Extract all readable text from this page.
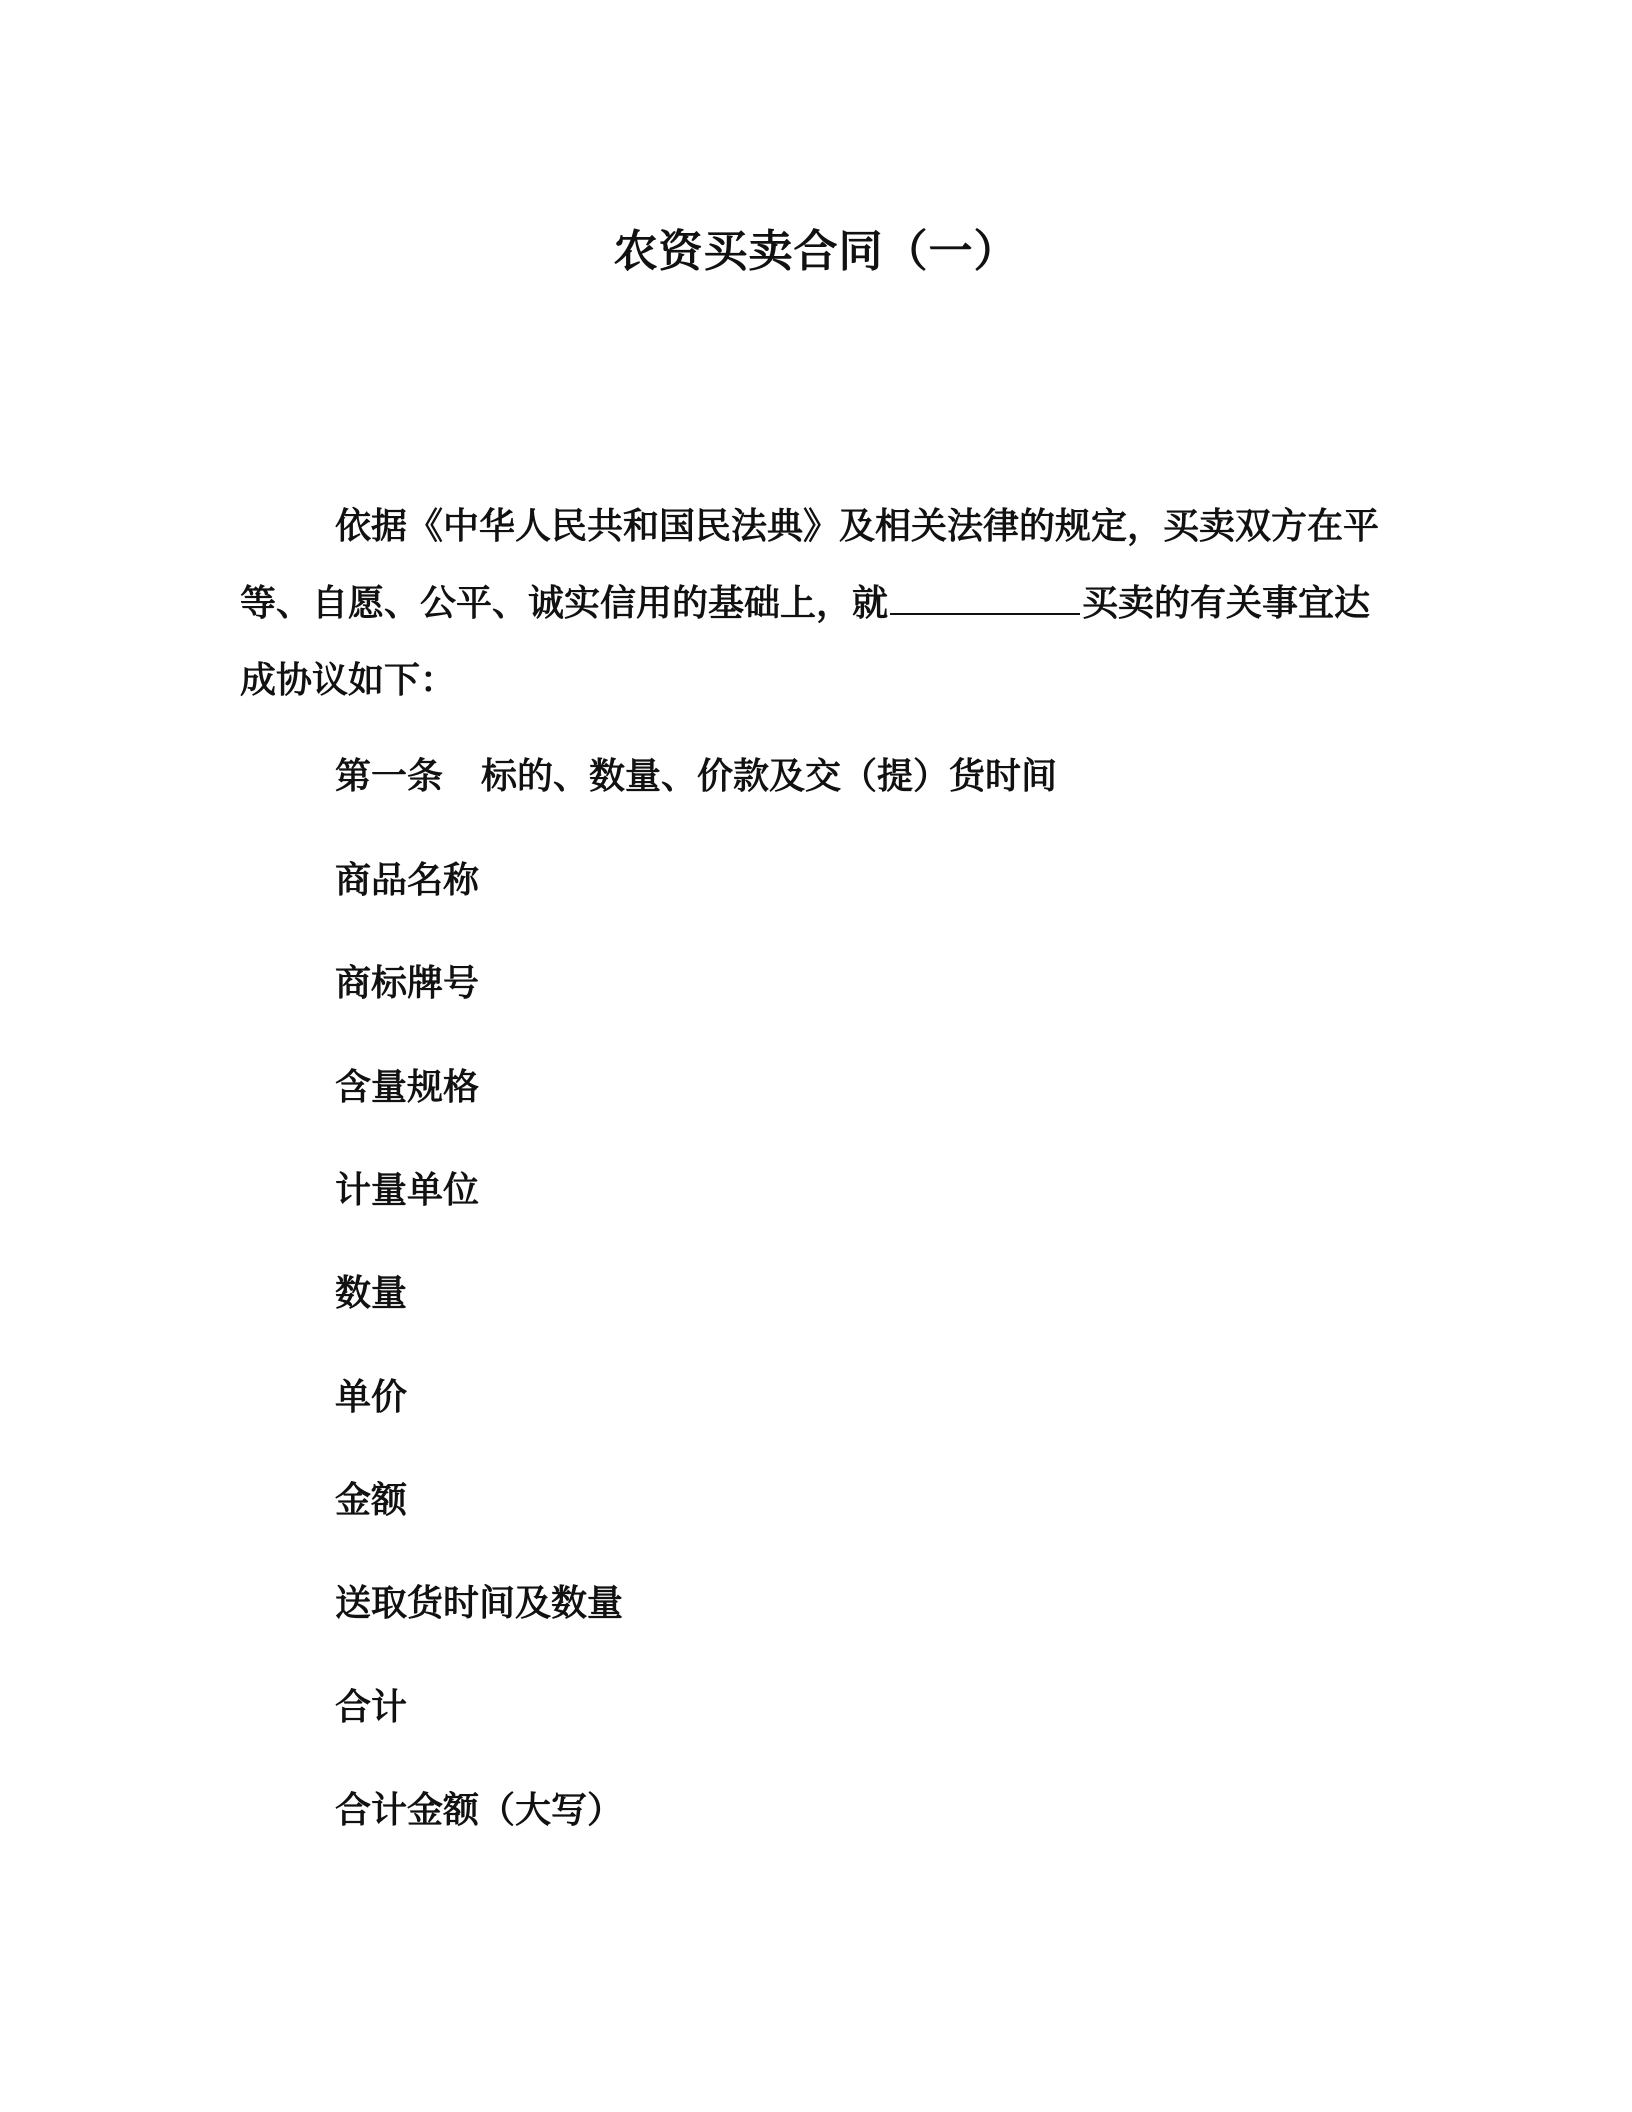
农资买卖合同（一）

依据《中华人民共和国民法典》及相关法律的规定，买卖双方在平等、自愿、公平、诚实信用的基础上，就	买卖的有关事宜达成协议如下：

第一条 标的、数量、价款及交（提）货时间

商品名称

商标牌号

含量规格

计量单位

数量

单价

金额

送取货时间及数量

合计

合计金额（大写）
